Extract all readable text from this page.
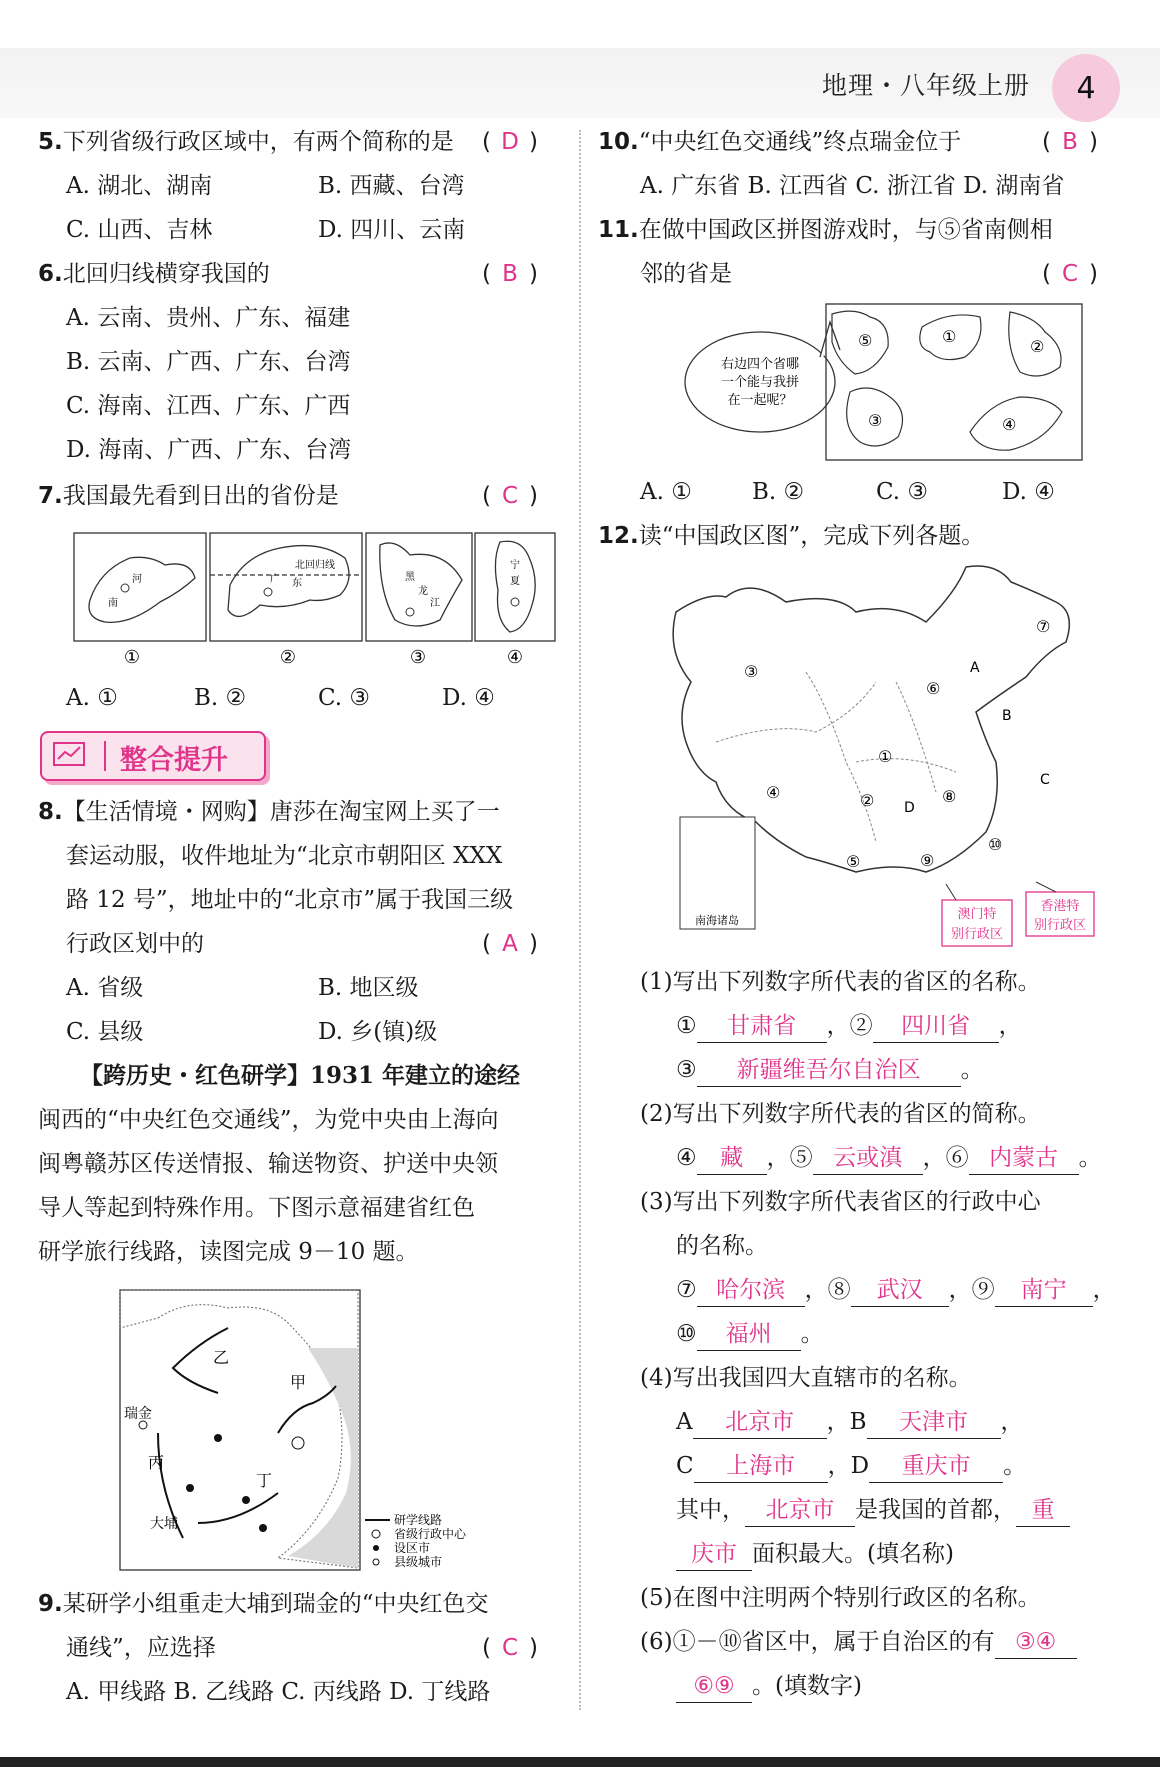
地理・八年级上册	4
5.下列省级行政区域中，有两个简称的是 ( D )
A. 湖北、湖南	B. 西藏、台湾
C. 山西、吉林	D. 四川、云南
6.北回归线横穿我国的	( B )
A. 云南、贵州、广东、福建
B. 云南、广西、广东、台湾
C. 海南、江西、广东、广西
D. 海南、广西、广东、台湾
7.我国最先看到日出的省份是	( C )
河
南
北回归线
广 东
黑
龙
江
宁
夏
①	②	③	④
A. ①	B. ②	C. ③	D. ④
整合提升
8.【生活情境・网购】唐莎在淘宝网上买了一
套运动服，收件地址为“北京市朝阳区 XXX
路 12 号”，地址中的“北京市”属于我国三级
行政区划中的	( A )
A. 省级	B. 地区级
C. 县级	D. 乡(镇)级
【跨历史・红色研学】1931 年建立的途经
闽西的“中央红色交通线”，为党中央由上海向
闽粤赣苏区传送情报、输送物资、护送中央领
导人等起到特殊作用。下图示意福建省红色
研学旅行线路，读图完成 9－10 题。
乙
甲
瑞金
丙
丁
大埔	研学线路
省级行政中心
设区市
县级城市
9.某研学小组重走大埔到瑞金的“中央红色交
通线”，应选择	( C )
A. 甲线路 B. 乙线路 C. 丙线路 D. 丁线路
10.“中央红色交通线”终点瑞金位于	( B )
A. 广东省 B. 江西省 C. 浙江省 D. 湖南省
11.在做中国政区拼图游戏时，与⑤省南侧相
邻的省是	( C )
右边四个省哪
一个能与我拼
在一起呢？
⑤	①
②
③	④
A. ①	B. ②	C. ③	D. ④
12.读“中国政区图”，完成下列各题。
南海诸岛
③
⑦
⑥
①
④	②	⑧
⑩
⑤	⑨
A
B
C
D
澳门特
别行政区
香港特
别行政区
(1)写出下列数字所代表的省区的名称。
① 甘肃省 ，② 四川省 ，
③ 新疆维吾尔自治区 。
(2)写出下列数字所代表的省区的简称。
④ 藏 ，⑤ 云或滇 ，⑥ 内蒙古 。
(3)写出下列数字所代表省区的行政中心
的名称。
⑦ 哈尔滨 ，⑧ 武汉 ，⑨ 南宁 ，
⑩ 福州 。
(4)写出我国四大直辖市的名称。
A 北京市 ，B 天津市 ，
C 上海市 ，D 重庆市 。
其中， 北京市 是我国的首都， 重
庆市 面积最大。(填名称)
(5)在图中注明两个特别行政区的名称。
(6)①－⑩省区中，属于自治区的有 ③④
⑥⑨ 。(填数字)
